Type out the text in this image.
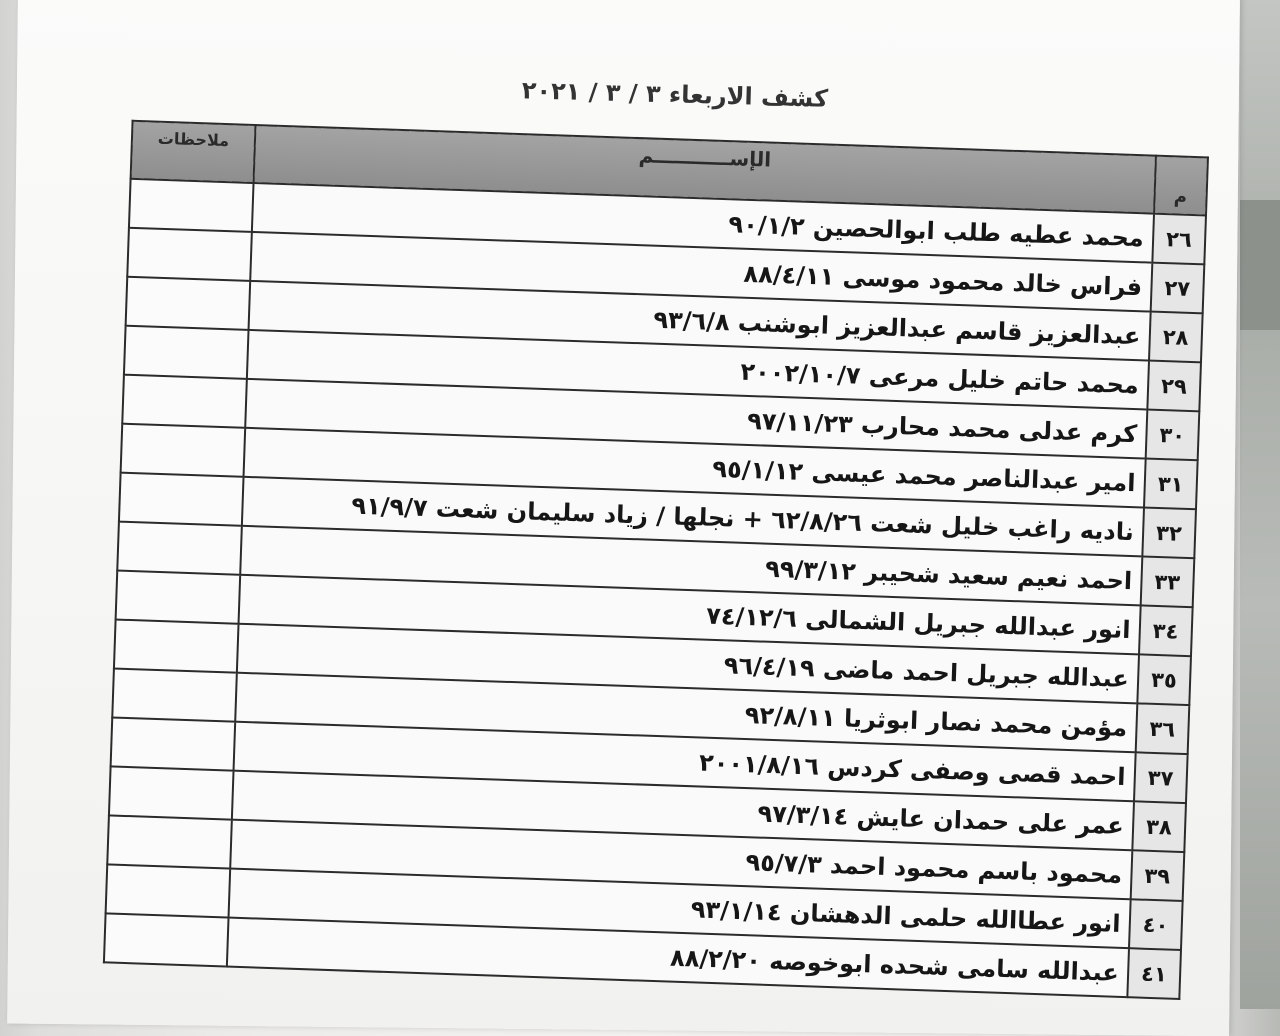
كشف الاربعاء ٣ / ٣ / ٢٠٢١
م	الإســـــــــــم	ملاحظات
٢٦	محمد عطيه طلب ابوالحصين ٩٠/١/٢	
٢٧	فراس خالد محمود موسى ٨٨/٤/١١	
٢٨	عبدالعزيز قاسم عبدالعزيز ابوشنب ٩٣/٦/٨	
٢٩	محمد حاتم خليل مرعى ٢٠٠٢/١٠/٧	
٣٠	كرم عدلى محمد محارب ٩٧/١١/٢٣	
٣١	امير عبدالناصر محمد عيسى ٩٥/١/١٢	
٣٢	ناديه راغب خليل شعت ٦٢/٨/٢٦ + نجلها / زياد سليمان شعت ٩١/٩/٧	
٣٣	احمد نعيم سعيد شحيبر ٩٩/٣/١٢	
٣٤	انور عبدالله جبريل الشمالى ٧٤/١٢/٦	
٣٥	عبدالله جبريل احمد ماضى ٩٦/٤/١٩	
٣٦	مؤمن محمد نصار ابوثريا ٩٢/٨/١١	
٣٧	احمد قصى وصفى كردس ٢٠٠١/٨/١٦	
٣٨	عمر على حمدان عايش ٩٧/٣/١٤	
٣٩	محمود باسم محمود احمد ٩٥/٧/٣	
٤٠	انور عطاالله حلمى الدهشان ٩٣/١/١٤	
٤١	عبدالله سامى شحده ابوخوصه ٨٨/٢/٢٠	
